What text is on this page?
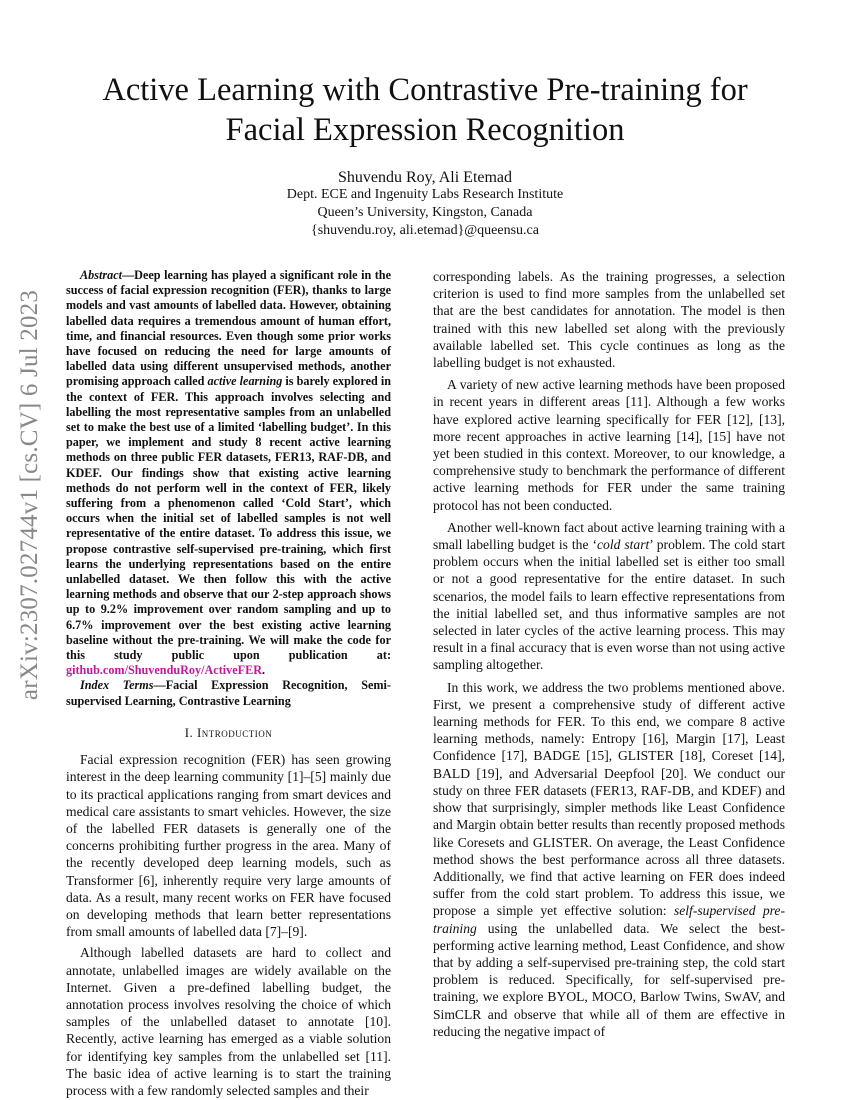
arXiv:2307.02744v1 [cs.CV] 6 Jul 2023
Active Learning with Contrastive Pre-training for Facial Expression Recognition
Shuvendu Roy, Ali Etemad
Dept. ECE and Ingenuity Labs Research Institute
Queen’s University, Kingston, Canada
{shuvendu.roy, ali.etemad}@queensu.ca

Abstract—Deep learning has played a significant role in the success of facial expression recognition (FER), thanks to large models and vast amounts of labelled data. However, obtaining labelled data requires a tremendous amount of human effort, time, and financial resources. Even though some prior works have focused on reducing the need for large amounts of labelled data using different unsupervised methods, another promising approach called active learning is barely explored in the context of FER. This approach involves selecting and labelling the most representative samples from an unlabelled set to make the best use of a limited ‘labelling budget’. In this paper, we implement and study 8 recent active learning methods on three public FER datasets, FER13, RAF-DB, and KDEF. Our findings show that existing active learning methods do not perform well in the context of FER, likely suffering from a phenomenon called ‘Cold Start’, which occurs when the initial set of labelled samples is not well representative of the entire dataset. To address this issue, we propose contrastive self-supervised pre-training, which first learns the underlying representations based on the entire unlabelled dataset. We then follow this with the active learning methods and observe that our 2-step approach shows up to 9.2% improvement over random sampling and up to 6.7% improvement over the best existing active learning baseline without the pre-training. We will make the code for this study public upon publication at: github.com/ShuvenduRoy/ActiveFER.

Index Terms—Facial Expression Recognition, Semi-supervised Learning, Contrastive Learning

I. Introduction

Facial expression recognition (FER) has seen growing interest in the deep learning community [1]–[5] mainly due to its practical applications ranging from smart devices and medical care assistants to smart vehicles. However, the size of the labelled FER datasets is generally one of the concerns prohibiting further progress in the area. Many of the recently developed deep learning models, such as Transformer [6], inherently require very large amounts of data. As a result, many recent works on FER have focused on developing methods that learn better representations from small amounts of labelled data [7]–[9].

Although labelled datasets are hard to collect and annotate, unlabelled images are widely available on the Internet. Given a pre-defined labelling budget, the annotation process involves resolving the choice of which samples of the unlabelled dataset to annotate [10]. Recently, active learning has emerged as a viable solution for identifying key samples from the unlabelled set [11]. The basic idea of active learning is to start the training process with a few randomly selected samples and their

corresponding labels. As the training progresses, a selection criterion is used to find more samples from the unlabelled set that are the best candidates for annotation. The model is then trained with this new labelled set along with the previously available labelled set. This cycle continues as long as the labelling budget is not exhausted.

A variety of new active learning methods have been proposed in recent years in different areas [11]. Although a few works have explored active learning specifically for FER [12], [13], more recent approaches in active learning [14], [15] have not yet been studied in this context. Moreover, to our knowledge, a comprehensive study to benchmark the performance of different active learning methods for FER under the same training protocol has not been conducted.

Another well-known fact about active learning training with a small labelling budget is the ‘cold start’ problem. The cold start problem occurs when the initial labelled set is either too small or not a good representative for the entire dataset. In such scenarios, the model fails to learn effective representations from the initial labelled set, and thus informative samples are not selected in later cycles of the active learning process. This may result in a final accuracy that is even worse than not using active sampling altogether.

In this work, we address the two problems mentioned above. First, we present a comprehensive study of different active learning methods for FER. To this end, we compare 8 active learning methods, namely: Entropy [16], Margin [17], Least Confidence [17], BADGE [15], GLISTER [18], Coreset [14], BALD [19], and Adversarial Deepfool [20]. We conduct our study on three FER datasets (FER13, RAF-DB, and KDEF) and show that surprisingly, simpler methods like Least Confidence and Margin obtain better results than recently proposed methods like Coresets and GLISTER. On average, the Least Confidence method shows the best performance across all three datasets. Additionally, we find that active learning on FER does indeed suffer from the cold start problem. To address this issue, we propose a simple yet effective solution: self-supervised pre-training using the unlabelled data. We select the best-performing active learning method, Least Confidence, and show that by adding a self-supervised pre-training step, the cold start problem is reduced. Specifically, for self-supervised pre-training, we explore BYOL, MOCO, Barlow Twins, SwAV, and SimCLR and observe that while all of them are effective in reducing the negative impact of
